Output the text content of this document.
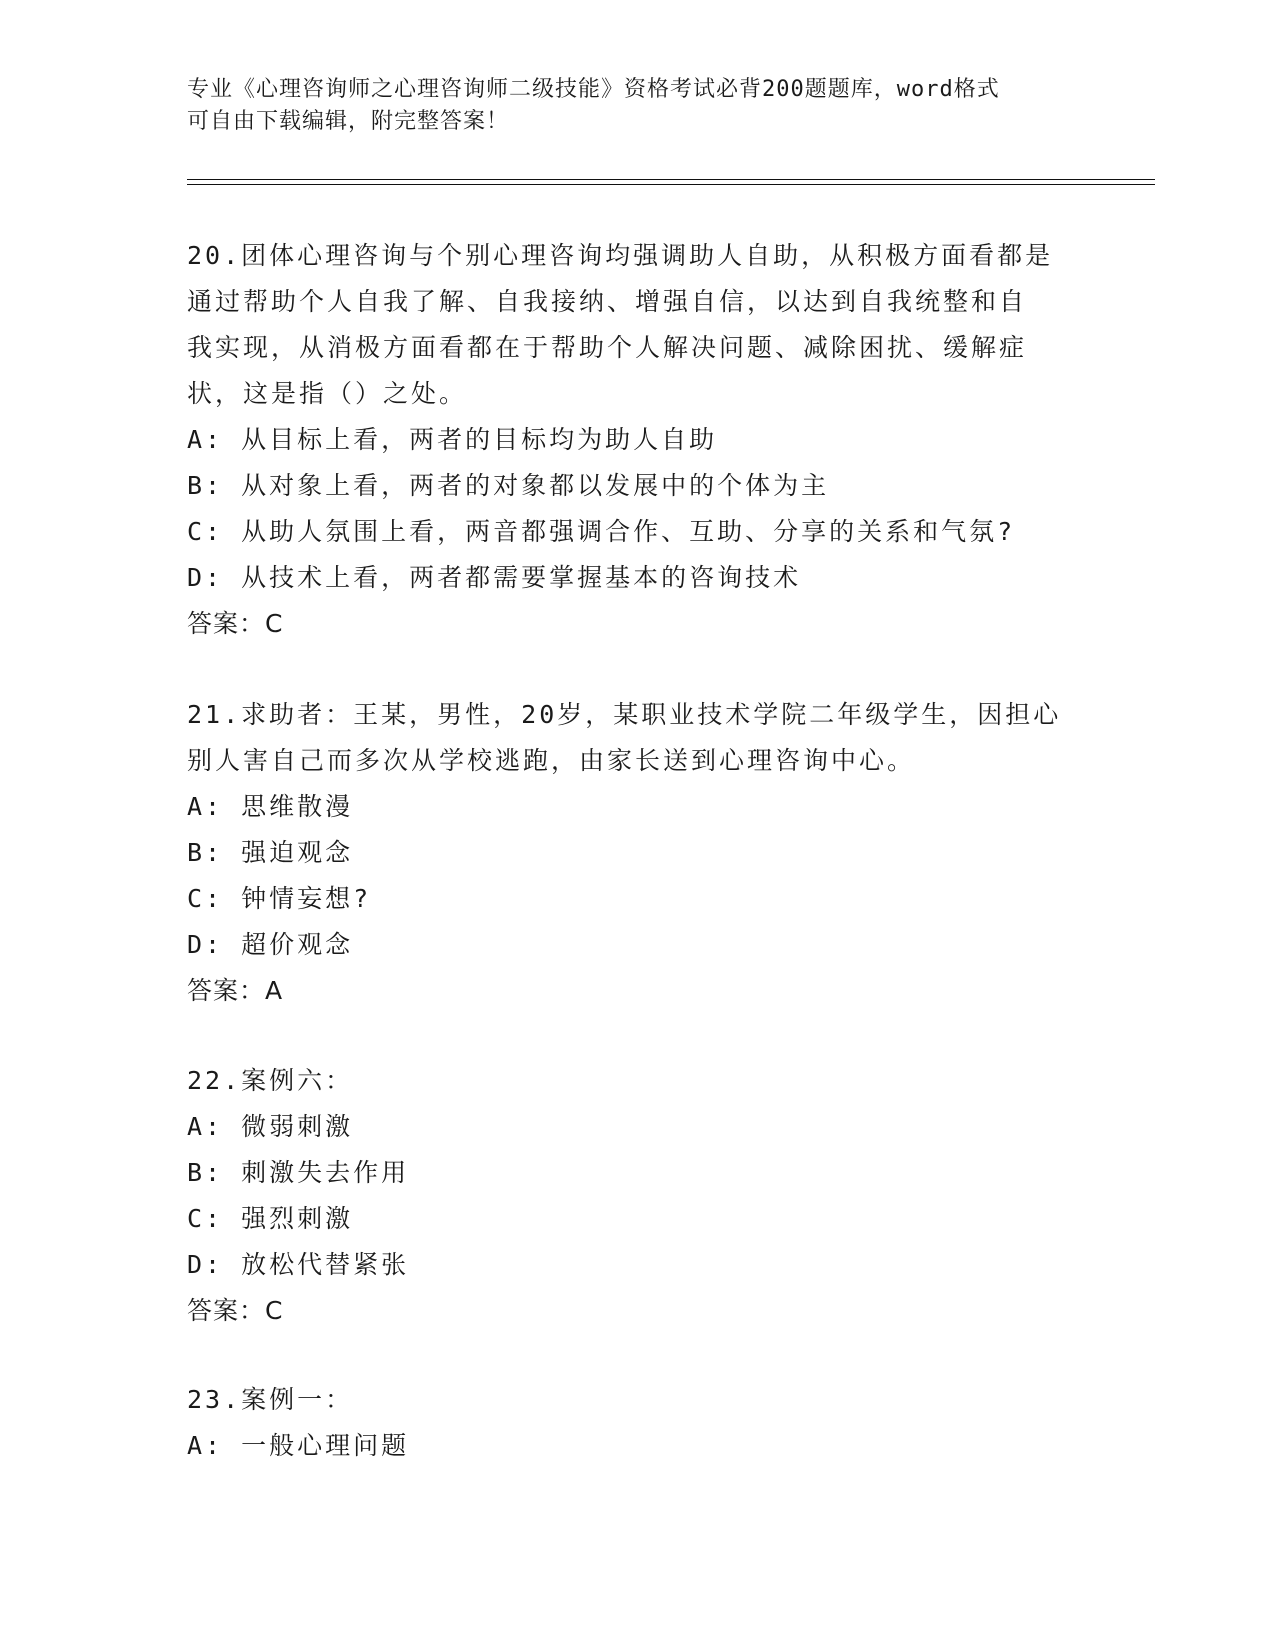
专业《心理咨询师之心理咨询师二级技能》资格考试必背200题题库，word格式
可自由下载编辑，附完整答案！
20.团体心理咨询与个别心理咨询均强调助人自助，从积极方面看都是
通过帮助个人自我了解、自我接纳、增强自信，以达到自我统整和自
我实现，从消极方面看都在于帮助个人解决问题、减除困扰、缓解症
状，这是指（）之处。
A: 从目标上看，两者的目标均为助人自助
B: 从对象上看，两者的对象都以发展中的个体为主
C: 从助人氛围上看，两音都强调合作、互助、分享的关系和气氛?
D: 从技术上看，两者都需要掌握基本的咨询技术
答案：C
21.求助者：王某，男性，20岁，某职业技术学院二年级学生，因担心
别人害自己而多次从学校逃跑，由家长送到心理咨询中心。
A: 思维散漫
B: 强迫观念
C: 钟情妄想?
D: 超价观念
答案：A
22.案例六：
A: 微弱刺激
B: 刺激失去作用
C: 强烈刺激
D: 放松代替紧张
答案：C
23.案例一：
A: 一般心理问题
